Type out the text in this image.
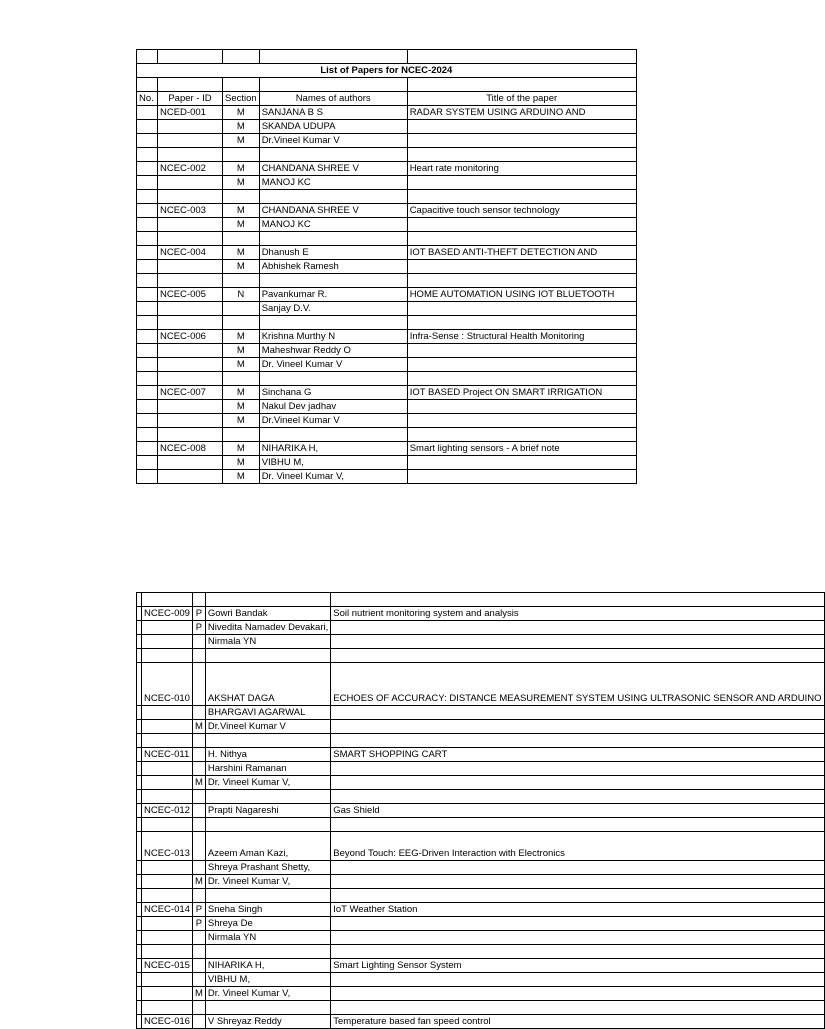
List of Papers for NCEC-2024				

No.	Paper - ID	Section	Names of authors	Title of the paper
	NCED-001	M	SANJANA B S	RADAR SYSTEM USING ARDUINO AND
		M	SKANDA UDUPA	
		M	Dr.Vineel Kumar V	

	NCEC-002	M	CHANDANA SHREE V	Heart rate monitoring
		M	MANOJ KC	

	NCEC-003	M	CHANDANA SHREE V	Capacitive touch sensor technology
		M	MANOJ KC	

	NCEC-004	M	Dhanush E	IOT BASED ANTI-THEFT DETECTION AND
		M	Abhishek Ramesh	

	NCEC-005	N	Pavankumar R.	HOME AUTOMATION USING IOT BLUETOOTH
			Sanjay D.V.	

	NCEC-006	M	Krishna Murthy N	Infra-Sense : Structural Health Monitoring
		M	Maheshwar Reddy O	
		M	Dr. Vineel Kumar V	

	NCEC-007	M	Sinchana G	IOT BASED Project ON SMART IRRIGATION
		M	Nakul Dev jadhav	
		M	Dr.Vineel Kumar V	

	NCEC-008	M	NIHARIKA H,	Smart lighting sensors - A brief note
		M	VIBHU M,	
		M	Dr. Vineel Kumar V,	

	NCEC-009	P	Gowri Bandak	Soil nutrient monitoring system and analysis
		P	Nivedita Namadev Devakari,	
			Nirmala YN	

	NCEC-010		AKSHAT DAGA	ECHOES OF ACCURACY: DISTANCE MEASUREMENT SYSTEM USING ULTRASONIC SENSOR AND ARDUINO
			BHARGAVI AGARWAL	
		M	Dr.Vineel Kumar V	

	NCEC-011		H. Nithya	SMART SHOPPING CART
			Harshini Ramanan	
		M	Dr. Vineel Kumar V,	

	NCEC-012		Prapti Nagareshi	Gas Shield

	NCEC-013		Azeem Aman Kazi,	Beyond Touch: EEG-Driven Interaction with Electronics
			Shreya Prashant Shetty,	
		M	Dr. Vineel Kumar V,	

	NCEC-014	P	Sneha Singh	IoT Weather Station
		P	Shreya De	
			Nirmala YN	

	NCEC-015		NIHARIKA H,	Smart Lighting Sensor System
			VIBHU M,	
		M	Dr. Vineel Kumar V,	

	NCEC-016		V Shreyaz Reddy	Temperature based fan speed control
